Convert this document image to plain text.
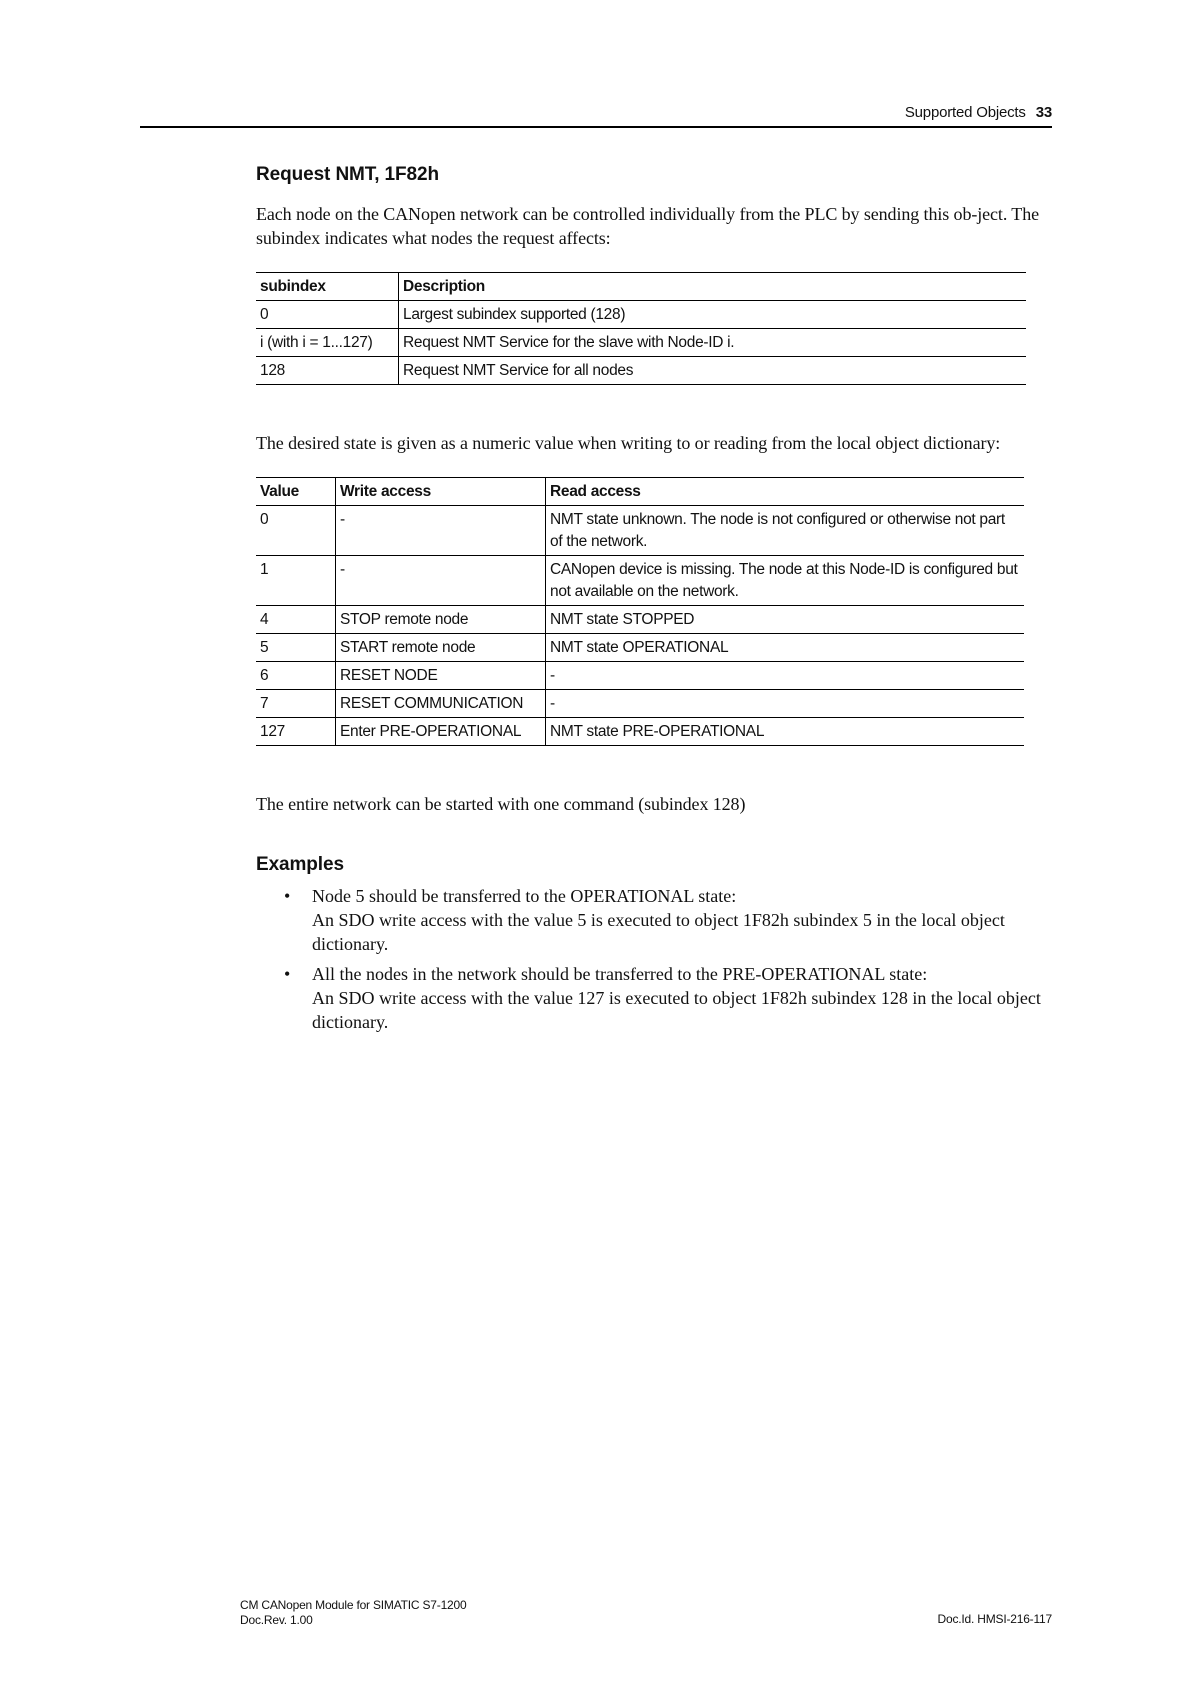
Supported Objects 33
Request NMT, 1F82h

Each node on the CANopen network can be controlled individually from the PLC by sending this ob-ject. The subindex indicates what nodes the request affects:

subindex	Description
0	Largest subindex supported (128)
i (with i = 1...127)	Request NMT Service for the slave with Node-ID i.
128	Request NMT Service for all nodes

The desired state is given as a numeric value when writing to or reading from the local object dictionary:

Value	Write access	Read access
0	-	NMT state unknown. The node is not configured or otherwise not part of the network.
1	-	CANopen device is missing. The node at this Node-ID is configured but not available on the network.
4	STOP remote node	NMT state STOPPED
5	START remote node	NMT state OPERATIONAL
6	RESET NODE	-
7	RESET COMMUNICATION	-
127	Enter PRE-OPERATIONAL	NMT state PRE-OPERATIONAL

The entire network can be started with one command (subindex 128)

Examples
• Node 5 should be transferred to the OPERATIONAL state:
An SDO write access with the value 5 is executed to object 1F82h subindex 5 in the local object dictionary.
• All the nodes in the network should be transferred to the PRE-OPERATIONAL state:
An SDO write access with the value 127 is executed to object 1F82h subindex 128 in the local object dictionary.
CM CANopen Module for SIMATIC S7-1200
Doc.Rev. 1.00	Doc.Id. HMSI-216-117
